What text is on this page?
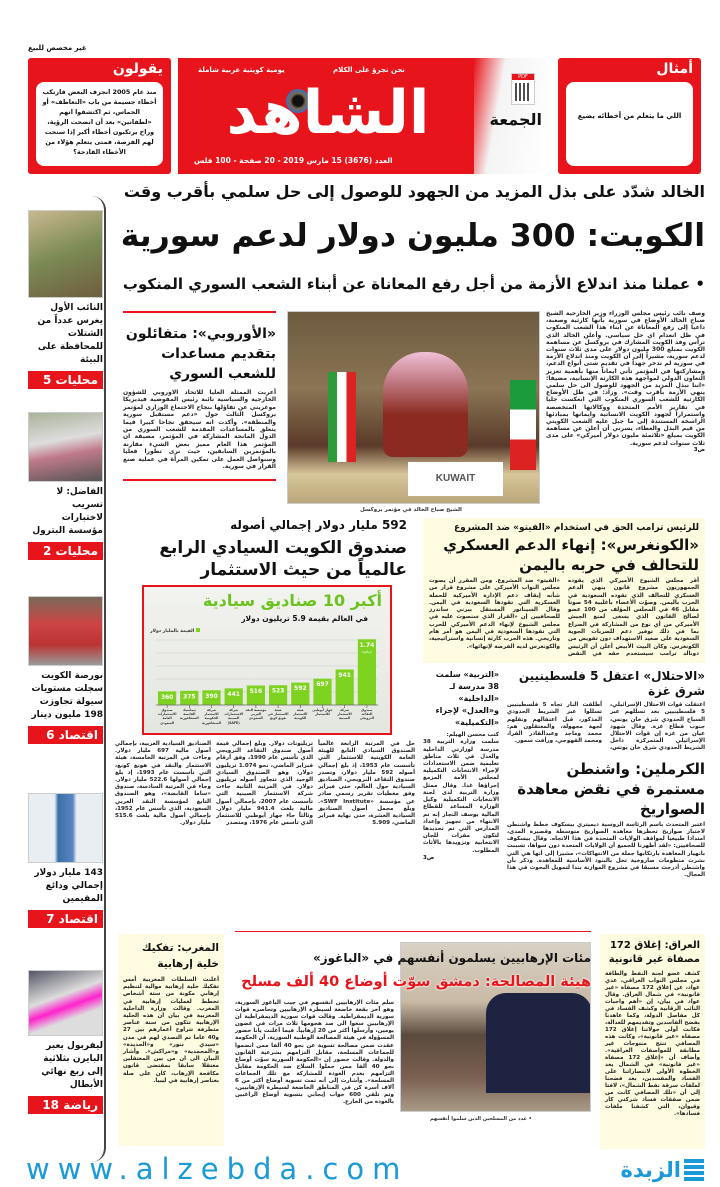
غير مخصص للبيع
يقولون
منذ عام 2005 انجرف البعض فارتكب أخطاء جسيمة من باب «التعاطف» أو الحماس، ثم اكتشفوا انهم «لطفانين» بعد أن انضحت الرؤية، وراح يرتكبون أخطاء أكبر إذا سنحت لهم الفرصة، فمتى يتعلم هؤلاء من الأخطاء القادحة؟
نحن نجرؤ على الكلام
يومية كويتية عربية شاملة
الشاهد
العدد (3676) 15 مارس 2019 - 20 صفحة - 100 فلس
الجمعة
PDF	أمثال
اللي ما يتعلم من أخطائه يضيع
الخالد شدّد على بذل المزيد من الجهود للوصول إلى حل سلمي بأقرب وقت
الكويت: 300 مليون دولار لدعم سورية
• عملنا منذ اندلاع الأزمة من أجل رفع المعاناة عن أبناء الشعب السوري المنكوب
النائب الأول يغرس عدداً من الشتلات للمحافظة على البيئة
محليات 5
الفاضل: لا تسريب لاختبارات مؤسسة البترول
محليات 2
بورصة الكويت سجلت مستويات سيولة تجاوزت 198 مليون دينار
اقتصاد 6
143 مليار دولار إجمالي ودائع المقيمين
اقتصاد 7
ليفربول يعبر البايرن بثلاثية إلى ربع نهائي الأبطال
رياضة 18
«الأوروبي»: متفائلون بتقديم مساعدات للشعب السوري
أعربت الممثلة العليا للاتحاد الاوروبي للشؤون الخارجية والسياسية نائبة رئيس المفوضية فيديريكا موغريني عن تفاؤلها بنجاح الاجتماع الوزاري لمؤتمر بروكسل الثالث حول «دعم مستقبل سورية والمنطقة». وأكدت انه سيحقق نجاحا كبيرا فيما يتعلق بالمساعدات المقدمة للشعب السوري من الدول المانحة المشاركة في المؤتمر، مضيفة ان المؤتمر هذا العام مميز بعض الشيء مقارنة بالمؤتمرين السابقين، حيث نرى تطورا فعليا وسنواصل العمل على تمكين المرأة في عملية صنع القرار في سورية.
KUWAIT
الشيخ صباح الخالد في مؤتمر بروكسل
وصف نائب رئيس مجلس الوزراء وزير الخارجية الشيخ صباح الخالد الأوضاع في سورية بأنها كارثية وصعبة، داعيا إلى رفع المعاناة عن ابناء هذا الشعب المنكوب في ظل انعدام اي حل سياسي. وأعلن الخالد الذي ترأس وفد الكويت المشارك في بروكسل عن مساهمة الكويت بمبلغ 300 مليون دولار على مدى ثلاث سنوات لدعم سورية، مشيراً إلى أن الكويت ومنذ اندلاع الأزمة في سورية لم تدخر جهداً في تقديم شتى أنواع الدعم، ومشاركتها في المؤتمر تأتي ايماناً منها بأهمية تعزيز التعاون الدولي لمواجهة هذه الكارثة الإنسانية، مضيفا: «اننا نبذل المزيد من الجهود للوصول الى حل سلمي ينهي الأزمة بأقرب وقت». وزاد: في ظل الأوضاع الكارثية للشعب السوري المنكوب التي انعكست جليا في تقارير الأمم المتحدة ووكالاتها المتخصصة واستمرارا لجهود الكويت الانسانية وايمانها بمبادئها الراسخة المستندة إلى ما جبل عليه الشعب الكويتي من قيم البذل والعطاء، يسرني أن أعلن عن مساهمة الكويت بمبلغ «ثلاثمئة مليون دولار أميركي» على مدى ثلاث سنوات لدعم سورية.
ص3
592 مليار دولار إجمالي أصوله
صندوق الكويت السيادي الرابع عالمياً من حيث الاستثمار
360 375 390 441 516 523 592
697
941
1.74
تريليون
أكبر 10 صناديق سيادية
في العالم بقيمة 5.9 تريليون دولار
القيمة بالمليار دولار
صندوق الاستثمارات العامة السعودي
تيماسيك القابضة السنغافورية
شركة الاستثمار الحكومية السنغافورية
شركة الاستثمارات الصينية (SAFE)
مؤسسة النقد العربي السعودي
هيئة الاستثمار في هونغ كونغ
هيئة الاستثمار الكويتية
جهاز أبوظبي للاستثمار
شركة الاستثمار الصينية
صندوق التقاعد النرويجي
حل في المرتبة الرابعة عالمياً الصندوق السيادي التابع للهيئة العامة الكويتية للاستثمار التي تأسست عام 1953، إذ بلغ إجمالي أصوله 592 مليار دولار، وتصدر صندوق التقاعد النرويجي، الصناديق السيادية حول العالم، حتى فبراير وفق معطيات تقرير رسمي صادر عن مؤسسة «SWF Institute». وبلغ مجمل أصول الصناديق السيادية العشرة، حتى نهاية فبراير الماضي، 5.909
تريليونات دولار. وبلغ إجمالي قيمة أصول صندوق التقاعد النرويجي الذي تأسس عام 1990، وفق أرقام فبراير الماضي، نحو 1.074 تريليون دولار، وهو الصندوق السيادي الوحيد الذي تتجاوز أصوله تريليون دولار. في المرتبة الثانية جاءت شركة الاستثمار الصينية التي تأسست عام 2007، بإجمالي أصول مالية بلغت 941.4 مليار دولار. وثالثاً جاء جهاز أبوظبي للاستثمار الذي تأسس عام 1976، ومتصدر
الصناديق السيادية العربية، بإجمالي أصول مالية 697 مليار دولار. وجاءت في المرتبة الخامسة، هيئة الاستثمار والنقد في هونغ كونغ، التي تأسست عام 1993، إذ بلغ إجمالي أصولها 522.6 مليار دولار. وجاء في المرتبة السادسة، صندوق «ساما القابضة»، وهو الصندوق التابع لمؤسسة النقد العربي السعودية، الذي تأسس عام 1952، بإجمالي أصول مالية بلغت 515.6 مليار دولار.
للرئيس ترامب الحق في استخدام «الفيتو» ضد المشروع
«الكونغرس»: إنهاء الدعم العسكري للتحالف في حربه باليمن
أقر مجلس الشيوخ الأميركي الذي يقوده الجمهوريون مشروع قانون ينهي الدعم العسكري للتحالف الذي تقوده السعودية في الحرب باليمن. وصوّت الأعضاء بأغلبية 54 صوتا مقابل 46 في المجلس المؤلف من 100 عضو لصالح القانون الذي يسعى لمنع الجيش الأميركي من أي نوع من المشاركة في الصراع بما في ذلك توفير دعم للضربات الجوية السعودية على صعيد الاستهداف دون تفويض من الكونغرس. وكان البيت الأبيض أعلن أن الرئيس دونالد ترامب سيستخدم حقه في النقض «الفيتو» ضد المشروع. ومن المقرر أن يصوت مجلس النواب الأميركي على مشروع قرار من شأنه إيقاف دعم الإدارة الأميركية للحملة العسكرية التي تقودها السعودية في اليمن. وقال السيناتور المستقل بيرني ساندرز للصحافيين إن «القرار الذي سنصوت عليه في مجلس الشيوخ لإنهاء الدعم الأميركي للحرب التي تقودها السعودية في اليمن هو أمر هام وتاريخي. هذه الحرب كارثة إنسانية واستراتيجية، والكونغرس لديه الفرصة لإنهائها».
«الاحتلال» اعتقل 5 فلسطينيين شرق غزة
اعتقلت قوات الاحتلال الإسرائيلي، 5 فلسطينيين بعد تسللهم عبر السياج الحدودي شرق خان يونس، جنوب قطاع غزة. وقال شهود عيان من غزة إن قوات الاحتلال الإسرائيلي المتمركزة داخل الشريط الحدودي شرق خان يونس، أطلقت النار تجاه 5 فلسطينيين تسللوا عبر الشريط الحدودي المذكور، قبل اعتقالهم ونقلهم لجهة مجهولة، والمعتقلون هم: محمد وماجد وعبدالقادر القرا، ومحمد القهوجي، ورأفت سمور.
الكرملين: واشنطن مستمرة في نقض معاهدة الصواريخ
اعتبر المتحدث باسم الرئاسة الروسية ديميتري بيسكوف خطط واشنطن لاختبار صواريخ تحظرها معاهدة الصواريخ متوسطة وقصيرة المدى، امتدادا طبيعيا لمواقف الولايات المتحدة في هذا الاتجاه. وقال بيسكوف للصحافيين: «لقد أظهرنا للجميع أن الولايات المتحدة دون سواها، تسببت بانهيار المعاهدة بارتكابها جملة من الانتهاكات»، مشيرا إلى أنها هي التي نشرت منظومات صاروخية تخل بالبنود الأساسية للمعاهدة. وذكر بأن واشنطن أدرجت مسبقا في مشروع الموازنة بندا لتمويل البحوث في هذا المجال.
«التربية» سلمت 38 مدرسة لـ «الداخلية» و«العدل» لإجراء «التكميلية»
كتب محسن الهيلم:
سلمت وزارة التربية 38 مدرسة لوزارتي الداخلية والعدل في ثلاث مناطق تعليمية ضمن الاستعدادات لإجراء الانتخابات التكميلية لمجلس الأمة المزمع إجراؤها غدا. وقال ممثل وزارة التربية لدى لجنة الانتخابات التكميلية وكيل الوزارة المساعد للقطاع المالية يوسف النجار إنه تم الانتهاء من تجهيز وإعداد المدارس التي تم تحديدها لتكون مقرات للجان الانتخابية وتزويدها بالأثاث المطلوب.
ص3
المغرب: تفكيك خلية إرهابية
أعلنت السلطات المغربية أمس تفكيك خلية إرهابية موالية لتنظيم إرهابي مكونة من ستة أشخاص تخطط لعمليات إرهابية في المغرب. وقالت وزارة الداخلية المغربية في بيان ان هذه الخلية الإرهابية تتكون من ستة عناصر متطرفة تتراوح أعمارهم بين 27 و40 عاما تم التصدي لهم في مدن «سيدي بنور» و«الجديدة» و«المحمدية» و«مراكش». وأشار البيان الى ان من بين المعتقلين معتقلا سابقا بمقتضى قانون مكافحة الإرهاب، كان على صلة بعناصر إرهابية في ليبيا.
مئات الإرهابيين يسلمون أنفسهم في «الباغوز»
هيئة المصالحة: دمشق سوّت أوضاع 40 ألف مسلح
سلم مئات الإرهابيين انفسهم في جيب الباغوز السورية، وهو آخر بقعة خاضعة لسيطرة الإرهابيين وتحاصره قوات سورية الديمقراطية. وقالت قوات سورية الديمقراطية ان الإرهابيين سعوا الى صد هجومها ثلاث مرات في غضون يومين، وأرسلوا أكثر من 20 إرهابياً. فيما أعلنت يانا خضور المسؤولة في هيئة المصالحة الوطنية السورية، أن الحكومة عقدت ضمن مصالحة تسوية عن نحو 40 ألفا ممن انضموا للجماعات المسلحة، مقابل التزامهم بشرعية القانون والدولة. وقالت خضور إن «الحكومة السورية سوّت أوضاع نحو 40 ألفا ممن حملوا السلاح ضد الحكومة مقابل التزامهم بعدم العودة للمشاركة مع تلك الجماعات المسلحة». وأشارت إلى أنه تمت تسوية أوضاع أكثر من 6 آلاف أسرة كن في المناطق الخاضعة لسيطرة الإرهابيين، وتم تلقي 600 جواب إيجابي بتسوية أوضاع الراغبين بالعودة من الخارج.
• عدد من المسلحين الذين سلموا أنفسهم
العراق: إغلاق 172 مصفاة غير قانونية
كشف عضو لجنة النفط والطاقة في مجلس النواب العراقي، عدي عواد، عن إغلاق 172 مصفاة «غير قانونية» في شمال العراق. وقال عواد في بيان، إن «أهم واجبات النائب الرقابية وكشف الفساد في كل مفاصل الدولة، وكما عاهدنا بفضح الفاسدين وتقديمهم للعدالة، فكانت أولى جولاتنا إغلاق 172 مصفاة «غير قانونية»، وكانت هذه المصافي تنتج منتوجات غير مطابقة للمواصفات العراقية». وأضاف أن «إغلاق 172 مصفاة «غير قانونية» في الشمال يعد الخطوة الأولى لانتصاراتنا على الفساد والمفسدين، بعد فضحنا لملفات سرقة نفط الشمال»، لافتا إلى أن «تلك المصافي كانت من ضمن صفقات فساد شركتي كار وقيوان، التي كشفنا ملفات فسادها».
www.alzebda.com	الزبدة
